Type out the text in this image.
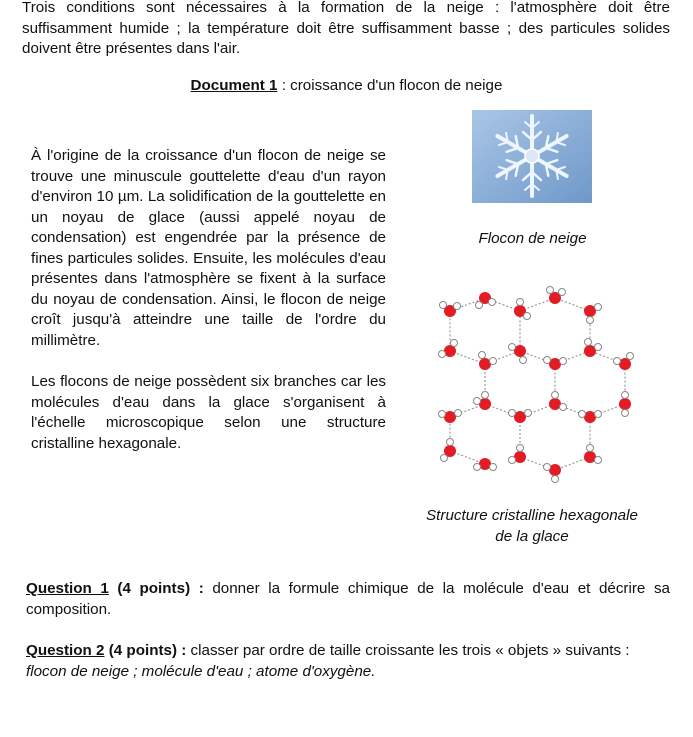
Trois conditions sont nécessaires à la formation de la neige : l'atmosphère doit être suffisamment humide ; la température doit être suffisamment basse ; des particules solides doivent être présentes dans l'air.
Document 1 : croissance d'un flocon de neige
À l'origine de la croissance d'un flocon de neige se trouve une minuscule gouttelette d'eau d'un rayon d'environ 10 µm. La solidification de la gouttelette en un noyau de glace (aussi appelé noyau de condensation) est engendrée par la présence de fines particules solides. Ensuite, les molécules d'eau présentes dans l'atmosphère se fixent à la surface du noyau de condensation. Ainsi, le flocon de neige croît jusqu'à atteindre une taille de l'ordre du millimètre.
Les flocons de neige possèdent six branches car les molécules d'eau dans la glace s'organisent à l'échelle microscopique selon une structure cristalline hexagonale.
Flocon de neige
Structure cristalline hexagonale
de la glace
Question 1 (4 points) : donner la formule chimique de la molécule d'eau et décrire sa composition.
Question 2 (4 points) : classer par ordre de taille croissante les trois « objets » suivants :
flocon de neige ; molécule d'eau ; atome d'oxygène.
